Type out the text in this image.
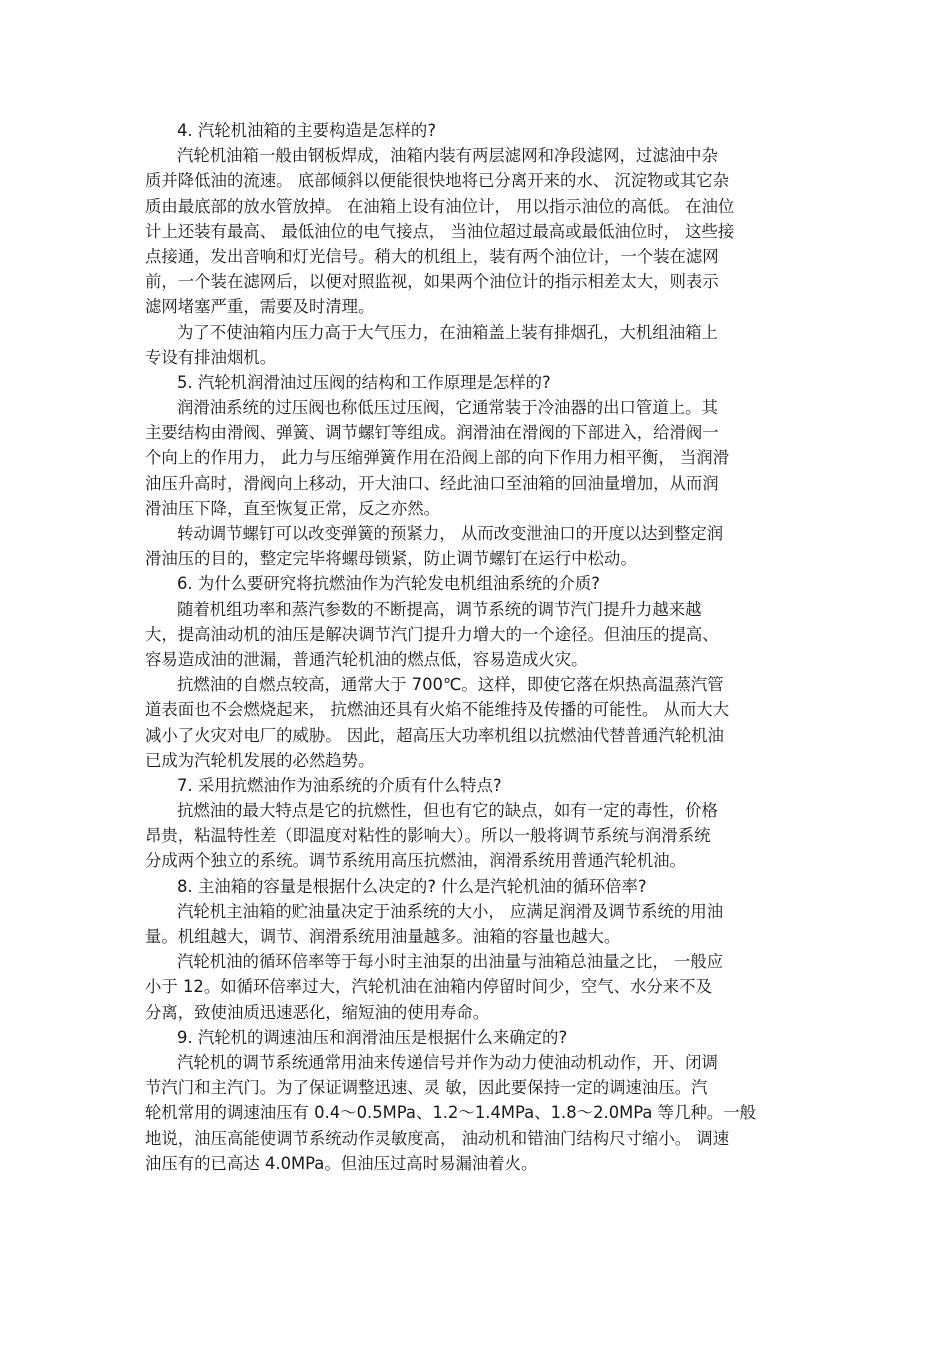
4. 汽轮机油箱的主要构造是怎样的?
汽轮机油箱一般由钢板焊成，油箱内装有两层滤网和净段滤网，过滤油中杂
质并降低油的流速。 底部倾斜以便能很快地将已分离开来的水、 沉淀物或其它杂
质由最底部的放水管放掉。 在油箱上设有油位计， 用以指示油位的高低。 在油位
计上还装有最高、 最低油位的电气接点， 当油位超过最高或最低油位时， 这些接
点接通，发出音响和灯光信号。稍大的机组上，装有两个油位计，一个装在滤网
前，一个装在滤网后，以便对照监视，如果两个油位计的指示相差太大，则表示
滤网堵塞严重，需要及时清理。
为了不使油箱内压力高于大气压力，在油箱盖上装有排烟孔，大机组油箱上
专设有排油烟机。
5. 汽轮机润滑油过压阀的结构和工作原理是怎样的?
润滑油系统的过压阀也称低压过压阀，它通常装于冷油器的出口管道上。其
主要结构由滑阀、弹簧、调节螺钉等组成。润滑油在滑阀的下部进入，给滑阀一
个向上的作用力， 此力与压缩弹簧作用在沿阀上部的向下作用力相平衡， 当润滑
油压升高时，滑阀向上移动，开大油口、经此油口至油箱的回油量增加，从而润
滑油压下降，直至恢复正常，反之亦然。
转动调节螺钉可以改变弹簧的预紧力， 从而改变泄油口的开度以达到整定润
滑油压的目的，整定完毕将螺母锁紧，防止调节螺钉在运行中松动。
6. 为什么要研究将抗燃油作为汽轮发电机组油系统的介质?
随着机组功率和蒸汽参数的不断提高，调节系统的调节汽门提升力越来越
大，提高油动机的油压是解决调节汽门提升力增大的一个途径。但油压的提高、
容易造成油的泄漏，普通汽轮机油的燃点低，容易造成火灾。
抗燃油的自燃点较高，通常大于 700℃。这样，即使它落在炽热高温蒸汽管
道表面也不会燃烧起来， 抗燃油还具有火焰不能维持及传播的可能性。 从而大大
减小了火灾对电厂的威胁。 因此，超高压大功率机组以抗燃油代替普通汽轮机油
已成为汽轮机发展的必然趋势。
7. 采用抗燃油作为油系统的介质有什么特点?
抗燃油的最大特点是它的抗燃性，但也有它的缺点，如有一定的毒性，价格
昂贵，粘温特性差（即温度对粘性的影响大）。所以一般将调节系统与润滑系统
分成两个独立的系统。调节系统用高压抗燃油，润滑系统用普通汽轮机油。
8. 主油箱的容量是根据什么决定的? 什么是汽轮机油的循环倍率?
汽轮机主油箱的贮油量决定于油系统的大小， 应满足润滑及调节系统的用油
量。机组越大，调节、润滑系统用油量越多。油箱的容量也越大。
汽轮机油的循环倍率等于每小时主油泵的出油量与油箱总油量之比， 一般应
小于 12。如循环倍率过大，汽轮机油在油箱内停留时间少，空气、水分来不及
分离，致使油质迅速恶化，缩短油的使用寿命。
9. 汽轮机的调速油压和润滑油压是根据什么来确定的?
汽轮机的调节系统通常用油来传递信号并作为动力使油动机动作，开、闭调
节汽门和主汽门。为了保证调整迅速、灵 敏，因此要保持一定的调速油压。汽
轮机常用的调速油压有 0.4～0.5MPa、1.2～1.4MPa、1.8～2.0MPa 等几种。一般
地说，油压高能使调节系统动作灵敏度高， 油动机和错油门结构尺寸缩小。 调速
油压有的已高达 4.0MPa。但油压过高时易漏油着火。
